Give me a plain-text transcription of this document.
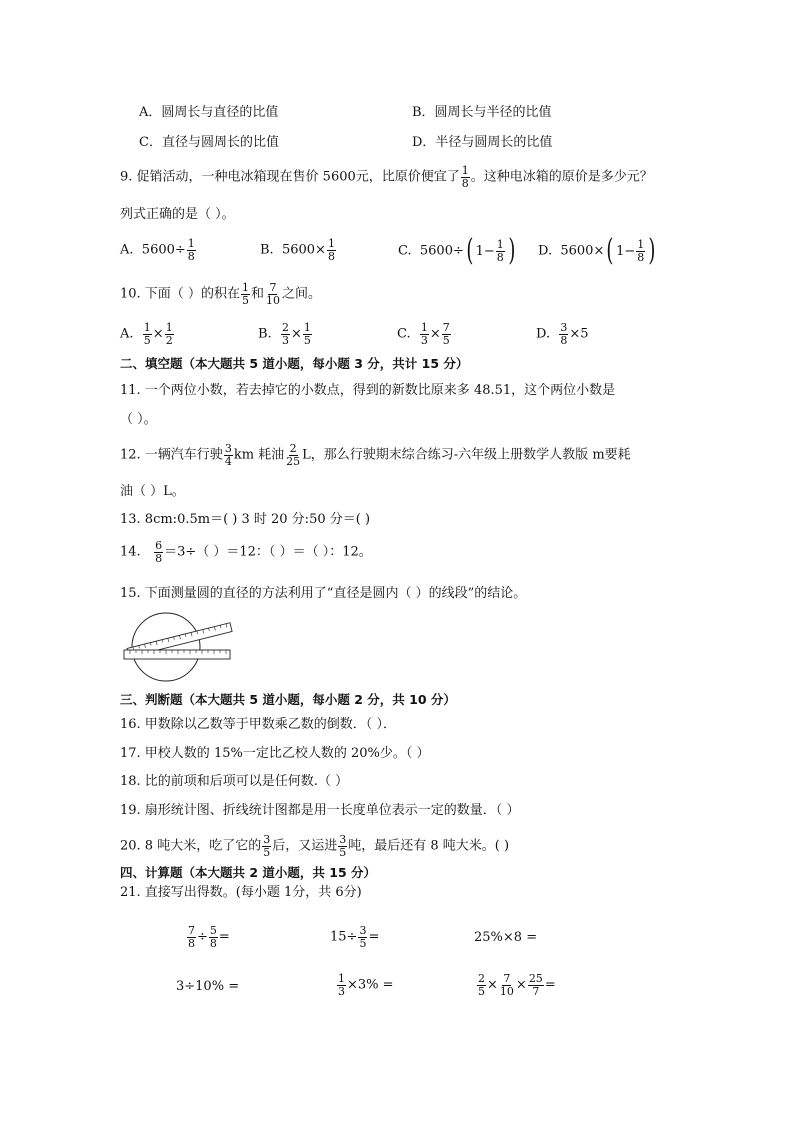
A．圆周长与直径的比值	B．圆周长与半径的比值
C．直径与圆周长的比值	D．半径与圆周长的比值
9. 促销活动，一种电冰箱现在售价 5600元，比原价便宜了 $\frac{1}{8}$ 。这种电冰箱的原价是多少元？
列式正确的是（ ）。
A. $5600\div \frac{1}{8}$	B. $5600\times \frac{1}{8}$	C. 5600÷ ( $1- \frac{1}{8}$ ) D. 5600× ( $1- \frac{1}{8}$ )
10. 下面（ ）的积在 $\frac{1}{5}$ 和 $\frac{7}{10}$ 之间。
A. $\frac{1}{5} \times \frac{1}{2}$	B. $\frac{2}{3} \times \frac{1}{5}$	C. $\frac{1}{3} \times \frac{7}{5}$	D. $\frac{3}{8} \times 5$
二、填空题（本大题共 5 道小题，每小题 3 分，共计 15 分）
11. 一个两位小数，若去掉它的小数点，得到的新数比原来多 48.51，这个两位小数是
（ ）。
12. 一辆汽车行驶 $\frac{3}{4}$ km 耗油 $\frac{2}{25}$ L，那么行驶期末综合练习-六年级上册数学人教版 m要耗
油（ ）L。
13. 8cm:0.5m＝( ) 3 时 20 分:50 分＝( )
14. $\frac{6}{8} =3\div$（ ）＝12：（ ）＝（ ）：12。
15. 下面测量圆的直径的方法利用了“直径是圆内（ ）的线段”的结论。
三、判断题（本大题共 5 道小题，每小题 2 分，共 10 分）
16. 甲数除以乙数等于甲数乘乙数的倒数．（ ）．
17. 甲校人数的 15%一定比乙校人数的 20%少。（ ）
18. 比的前项和后项可以是任何数.（ ）
19. 扇形统计图、折线统计图都是用一长度单位表示一定的数量．（ ）
20. 8 吨大米，吃了它的 $\frac{3}{5}$ 后，又运进 $\frac{3}{5}$ 吨，最后还有 8 吨大米。( )
四、计算题（本大题共 2 道小题，共 15 分）
21. 直接写出得数。(每小题 1分，共 6分)
$\frac{7}{8} \div \frac{5}{8}$ =	$15\div \frac{3}{5}$ =	25%×8 =
3÷10% =	$\frac{1}{3} \times 3\%$ =	$\frac{2}{5} \times \frac{7}{10} \times \frac{25}{7}$ =
